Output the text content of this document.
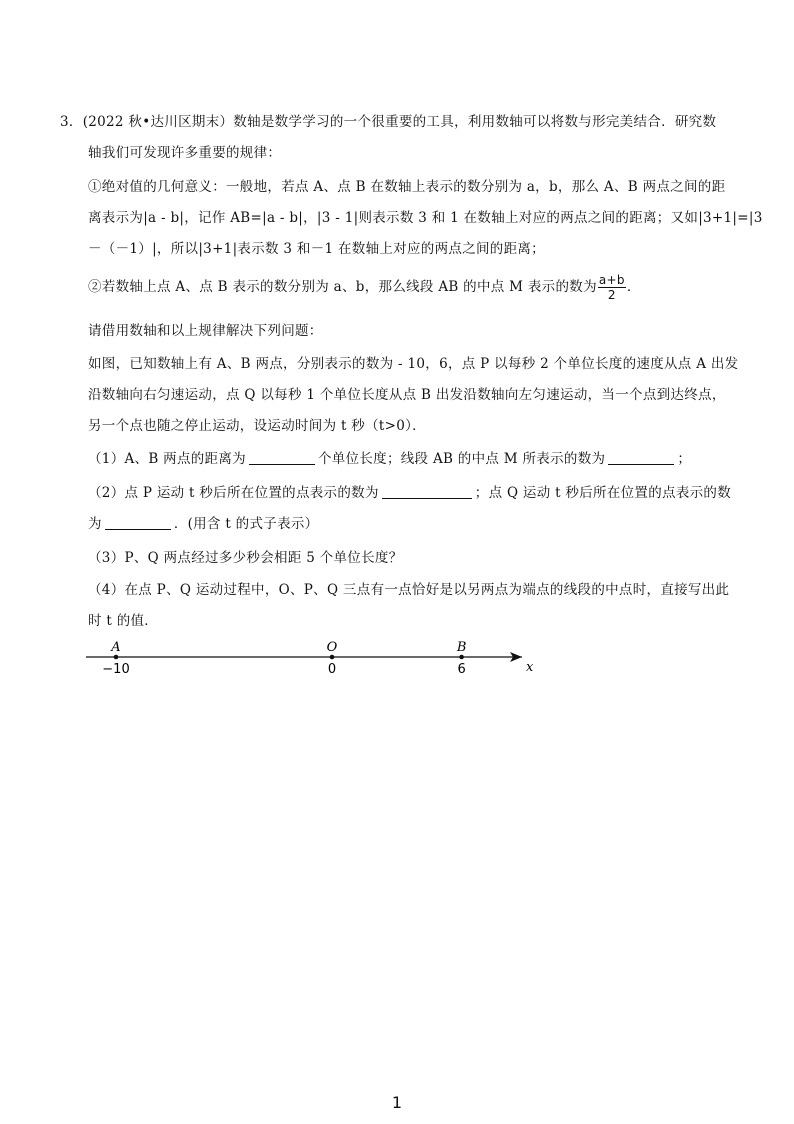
3．(2022 秋•达川区期末）数轴是数学学习的一个很重要的工具，利用数轴可以将数与形完美结合．研究数
轴我们可发现许多重要的规律：
①绝对值的几何意义：一般地，若点 A、点 B 在数轴上表示的数分别为 a，b，那么 A、B 两点之间的距
离表示为|a - b|，记作 AB=|a - b|，|3 - 1|则表示数 3 和 1 在数轴上对应的两点之间的距离；又如|3+1|=|3
－（－1）|，所以|3+1|表示数 3 和－1 在数轴上对应的两点之间的距离；
②若数轴上点 A、点 B 表示的数分别为 a、b，那么线段 AB 的中点 M 表示的数为 $\frac{a+b}{2}$ ．
请借用数轴和以上规律解决下列问题：
如图，已知数轴上有 A、B 两点，分别表示的数为 - 10，6，点 P 以每秒 2 个单位长度的速度从点 A 出发
沿数轴向右匀速运动，点 Q 以每秒 1 个单位长度从点 B 出发沿数轴向左匀速运动，当一个点到达终点，
另一个点也随之停止运动，设运动时间为 t 秒（t>0）．
（1）A、B 两点的距离为	个单位长度；线段 AB 的中点 M 所表示的数为	；
（2）点 P 运动 t 秒后所在位置的点表示的数为	；点 Q 运动 t 秒后所在位置的点表示的数
为	．(用含 t 的式子表示）
（3）P、Q 两点经过多少秒会相距 5 个单位长度？
（4）在点 P、Q 运动过程中，O、P、Q 三点有一点恰好是以另两点为端点的线段的中点时，直接写出此
时 t 的值．
x
A
−10
O
0
B
6
1
